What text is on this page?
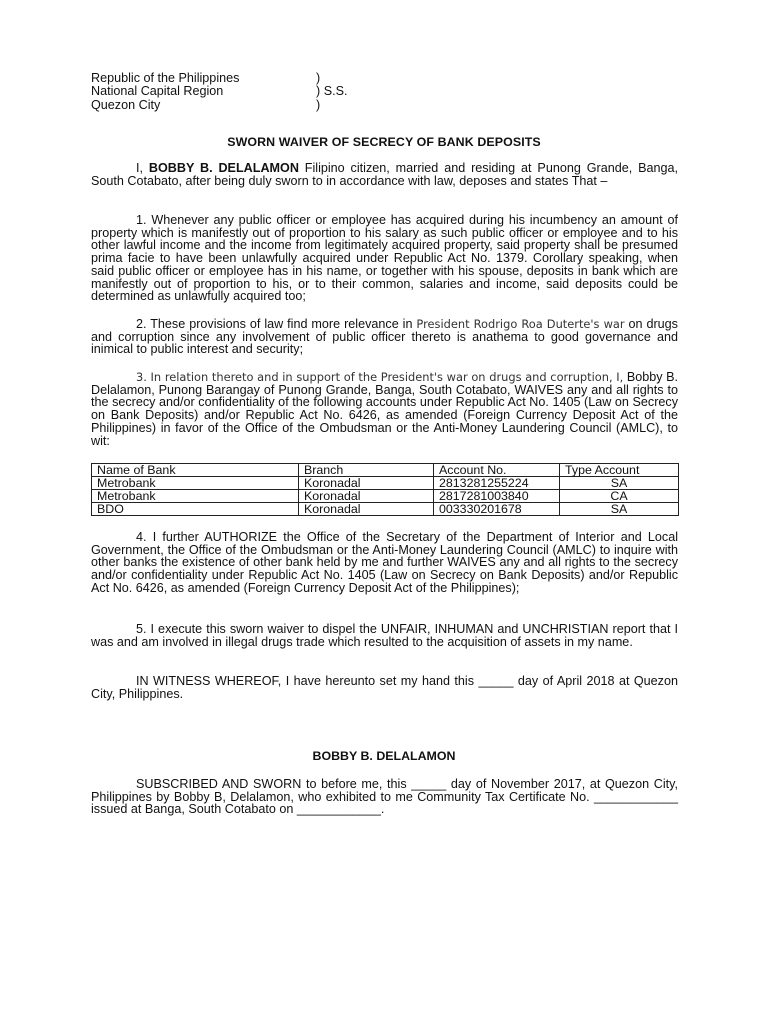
Republic of the Philippines	)
National Capital Region	) S.S.
Quezon City	)
SWORN WAIVER OF SECRECY OF BANK DEPOSITS
I, BOBBY B. DELALAMON Filipino citizen, married and residing at Punong Grande, Banga, South Cotabato, after being duly sworn to in accordance with law, deposes and states That –
1. Whenever any public officer or employee has acquired during his incumbency an amount of property which is manifestly out of proportion to his salary as such public officer or employee and to his other lawful income and the income from legitimately acquired property, said property shall be presumed prima facie to have been unlawfully acquired under Republic Act No. 1379. Corollary speaking, when said public officer or employee has in his name, or together with his spouse, deposits in bank which are manifestly out of proportion to his, or to their common, salaries and income, said deposits could be determined as unlawfully acquired too;
2. These provisions of law find more relevance in President Rodrigo Roa Duterte's war on drugs and corruption since any involvement of public officer thereto is anathema to good governance and inimical to public interest and security;
3. In relation thereto and in support of the President's war on drugs and corruption, I, Bobby B. Delalamon, Punong Barangay of Punong Grande, Banga, South Cotabato, WAIVES any and all rights to the secrecy and/or confidentiality of the following accounts under Republic Act No. 1405 (Law on Secrecy on Bank Deposits) and/or Republic Act No. 6426, as amended (Foreign Currency Deposit Act of the Philippines) in favor of the Office of the Ombudsman or the Anti-Money Laundering Council (AMLC), to wit:
Name of Bank	Branch	Account No.	Type Account
Metrobank	Koronadal	2813281255224	SA
Metrobank	Koronadal	2817281003840	CA
BDO	Koronadal	003330201678	SA
4. I further AUTHORIZE the Office of the Secretary of the Department of Interior and Local Government, the Office of the Ombudsman or the Anti-Money Laundering Council (AMLC) to inquire with other banks the existence of other bank held by me and further WAIVES any and all rights to the secrecy and/or confidentiality under Republic Act No. 1405 (Law on Secrecy on Bank Deposits) and/or Republic Act No. 6426, as amended (Foreign Currency Deposit Act of the Philippines);
5. I execute this sworn waiver to dispel the UNFAIR, INHUMAN and UNCHRISTIAN report that I was and am involved in illegal drugs trade which resulted to the acquisition of assets in my name.
IN WITNESS WHEREOF, I have hereunto set my hand this _____ day of April 2018 at Quezon City, Philippines.
BOBBY B. DELALAMON
SUBSCRIBED AND SWORN to before me, this _____ day of November 2017, at Quezon City, Philippines by Bobby B, Delalamon, who exhibited to me Community Tax Certificate No. ____________ issued at Banga, South Cotabato on ____________.
